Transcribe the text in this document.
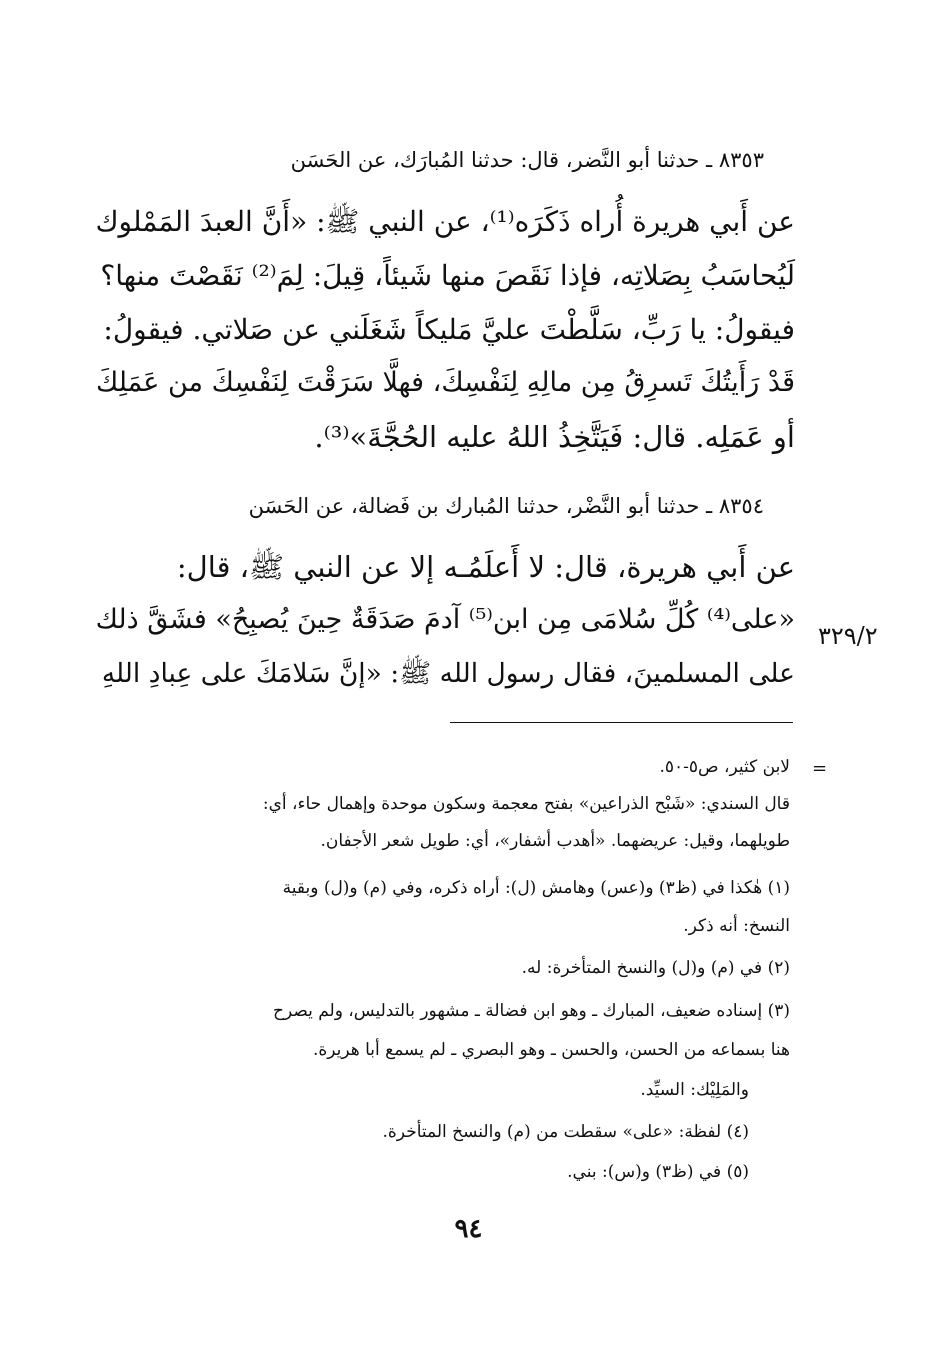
٨٣٥٣ ـ حدثنا أبو النَّضر، قال: حدثنا المُبارَك، عن الحَسَن
عن أَبي هريرة أُراه ذَكَرَه⁽¹⁾، عن النبي ﷺ: «أَنَّ العبدَ المَمْلوك
لَيُحاسَبُ بِصَلاتِه، فإذا نَقَصَ منها شَيئاً، قِيلَ: لِمَ⁽²⁾ نَقَصْتَ منها؟
فيقولُ: يا رَبِّ، سَلَّطْتَ عليَّ مَليكاً شَغَلَني عن صَلاتي. فيقولُ:
قَدْ رَأَيتُكَ تَسرِقُ مِن مالِهِ لِنَفْسِكَ، فهلَّا سَرَقْتَ لِنَفْسِكَ من عَمَلِكَ
أو عَمَلِه. قال: فَيَتَّخِذُ اللهُ عليه الحُجَّةَ»⁽³⁾.
٨٣٥٤ ـ حدثنا أبو النَّضْر، حدثنا المُبارك بن فَضالة، عن الحَسَن
عن أَبي هريرة، قال: لا أَعلَمُـه إلا عن النبي ﷺ، قال:
«على⁽⁴⁾ كُلِّ سُلامَى مِن ابن⁽⁵⁾ آدمَ صَدَقَةٌ حِينَ يُصبِحُ» فشَقَّ ذلك
على المسلمينَ، فقال رسول الله ﷺ: «إنَّ سَلامَكَ على عِبادِ اللهِ
٣٢٩/٢
=
لابن كثير، ص٥-٥٠.
قال السندي: «شَبْح الذراعين» بفتح معجمة وسكون موحدة وإهمال حاء، أي:
طويلهما، وقيل: عريضهما. «أهدب أشفار»، أي: طويل شعر الأجفان.
(١) هٰكذا في (ظ٣) و(عس) وهامش (ل): أراه ذكره، وفي (م) و(ل) وبقية
النسخ: أنه ذكر.
(٢) في (م) و(ل) والنسخ المتأخرة: له.
(٣) إسناده ضعيف، المبارك ـ وهو ابن فضالة ـ مشهور بالتدليس، ولم يصرح
هنا بسماعه من الحسن، والحسن ـ وهو البصري ـ لم يسمع أبا هريرة.
والمَلِيْك: السيِّد.
(٤) لفظة: «على» سقطت من (م) والنسخ المتأخرة.
(٥) في (ظ٣) و(س): بني.
٩٤
